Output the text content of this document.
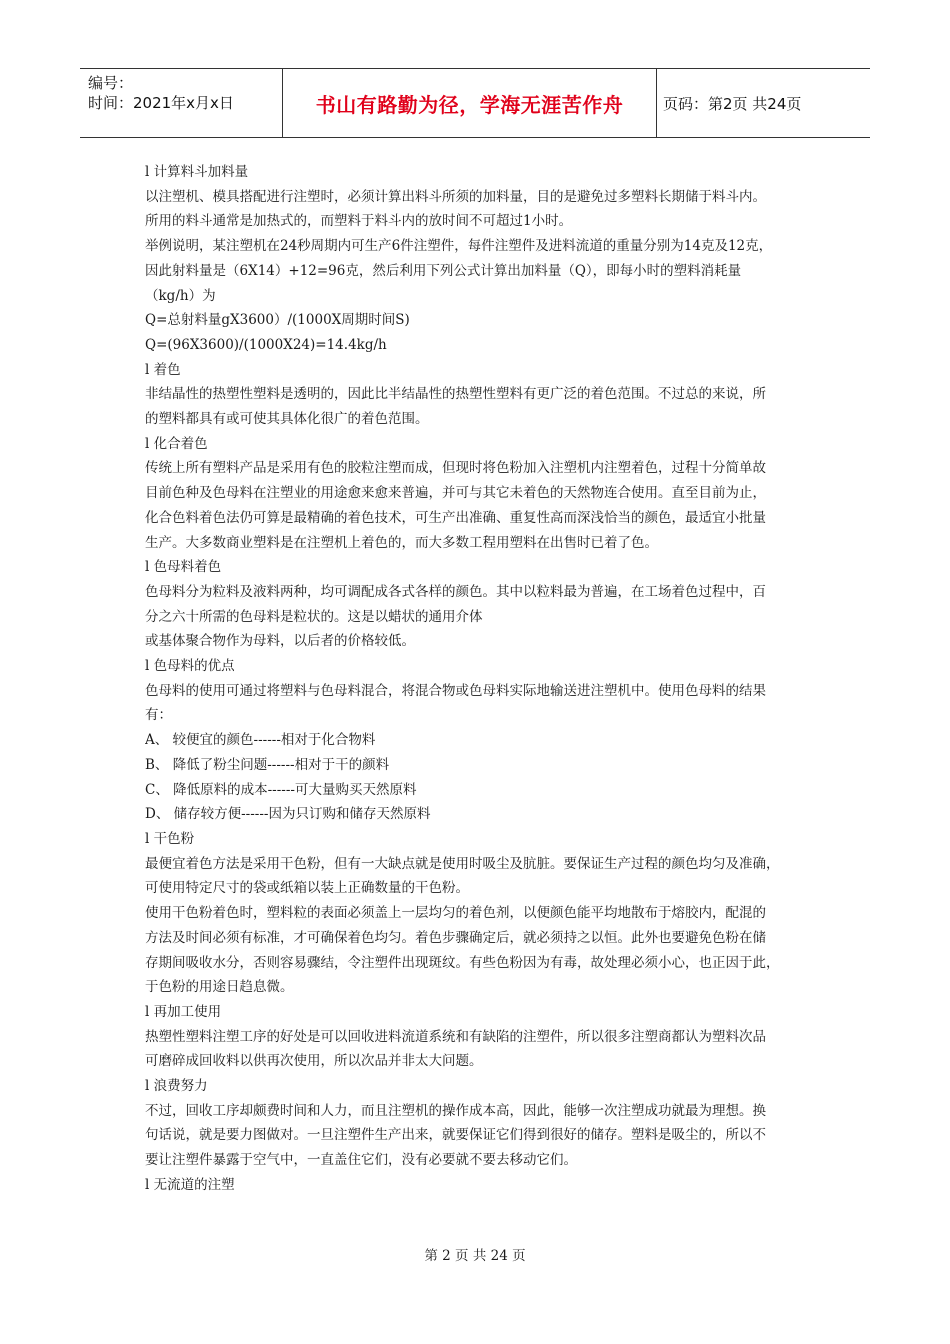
编号：
时间：2021年x月x日	书山有路勤为径，学海无涯苦作舟	页码：第2页 共24页

l 计算料斗加料量

以注塑机、模具搭配进行注塑时，必须计算出料斗所须的加料量，目的是避免过多塑料长期储于料斗内。

所用的料斗通常是加热式的，而塑料于料斗内的放时间不可超过1小时。

举例说明，某注塑机在24秒周期内可生产6件注塑件，每件注塑件及进料流道的重量分别为14克及12克，

因此射料量是（6X14）+12=96克，然后利用下列公式计算出加料量（Q），即每小时的塑料消耗量

（kg/h）为

Q=总射料量gX3600）/(1000X周期时间S)

Q=(96X3600)/(1000X24)=14.4kg/h

l 着色

非结晶性的热塑性塑料是透明的，因此比半结晶性的热塑性塑料有更广泛的着色范围。不过总的来说，所

的塑料都具有或可使其具体化很广的着色范围。

l 化合着色

传统上所有塑料产品是采用有色的胶粒注塑而成，但现时将色粉加入注塑机内注塑着色，过程十分简单故

目前色种及色母料在注塑业的用途愈来愈来普遍，并可与其它未着色的天然物连合使用。直至目前为止，

化合色料着色法仍可算是最精确的着色技术，可生产出准确、重复性高而深浅恰当的颜色，最适宜小批量

生产。大多数商业塑料是在注塑机上着色的，而大多数工程用塑料在出售时已着了色。

l 色母料着色

色母料分为粒料及液料两种，均可调配成各式各样的颜色。其中以粒料最为普遍，在工场着色过程中，百

分之六十所需的色母料是粒状的。这是以蜡状的通用介体

或基体聚合物作为母料，以后者的价格较低。

l 色母料的优点

色母料的使用可通过将塑料与色母料混合，将混合物或色母料实际地输送进注塑机中。使用色母料的结果

有：

A、 较便宜的颜色------相对于化合物料

B、 降低了粉尘问题------相对于干的颜料

C、 降低原料的成本------可大量购买天然原料

D、 储存较方便------因为只订购和储存天然原料

l 干色粉

最便宜着色方法是采用干色粉，但有一大缺点就是使用时吸尘及肮脏。要保证生产过程的颜色均匀及准确，

可使用特定尺寸的袋或纸箱以装上正确数量的干色粉。

使用干色粉着色时，塑料粒的表面必须盖上一层均匀的着色剂，以便颜色能平均地散布于熔胶内，配混的

方法及时间必须有标准，才可确保着色均匀。着色步骤确定后，就必须持之以恒。此外也要避免色粉在储

存期间吸收水分，否则容易骤结，令注塑件出现斑纹。有些色粉因为有毒，故处理必须小心，也正因于此，

于色粉的用途日趋息微。

l 再加工使用

热塑性塑料注塑工序的好处是可以回收进料流道系统和有缺陷的注塑件，所以很多注塑商都认为塑料次品

可磨碎成回收料以供再次使用，所以次品并非太大问题。

l 浪费努力

不过，回收工序却颇费时间和人力，而且注塑机的操作成本高，因此，能够一次注塑成功就最为理想。换

句话说，就是要力图做对。一旦注塑件生产出来，就要保证它们得到很好的储存。塑料是吸尘的，所以不

要让注塑件暴露于空气中，一直盖住它们，没有必要就不要去移动它们。

l 无流道的注塑

第 2 页 共 24 页
